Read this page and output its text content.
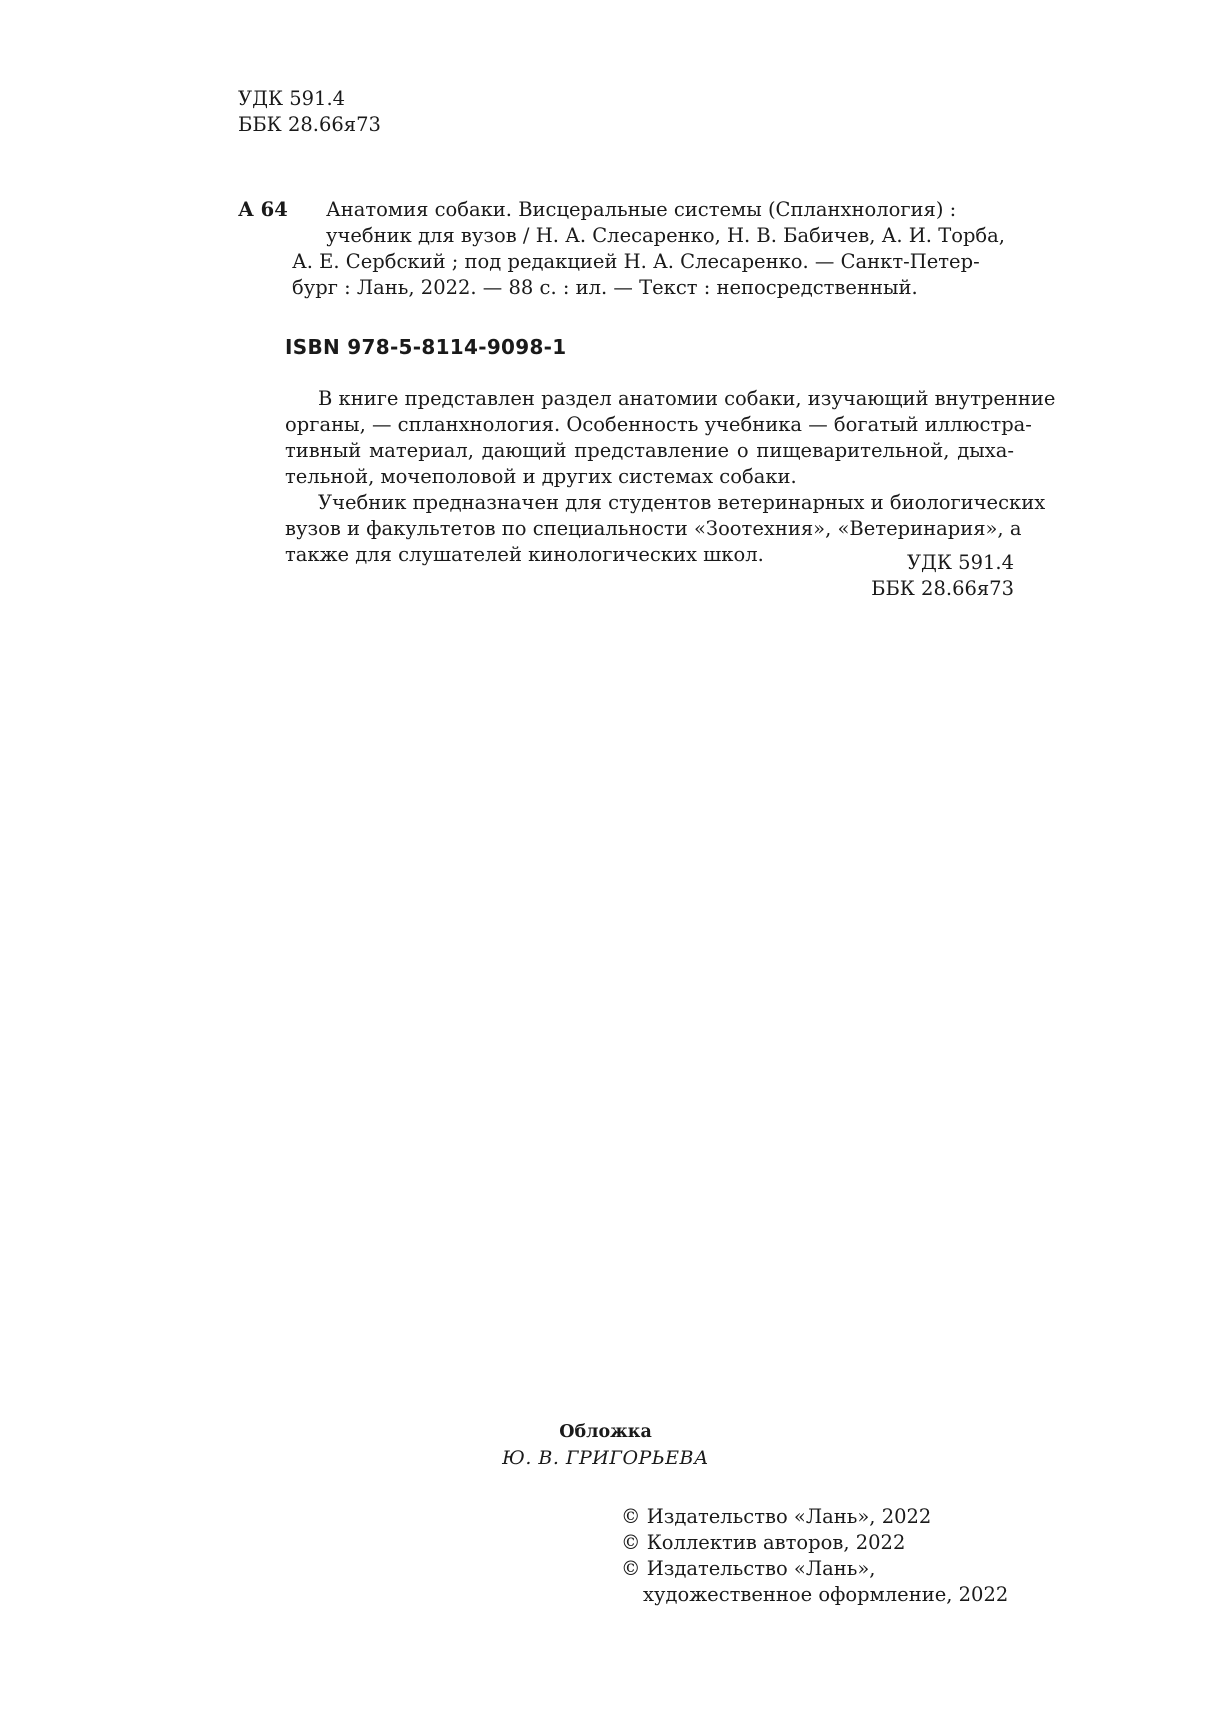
УДК 591.4
ББК 28.66я73
А 64 Анатомия собаки. Висцеральные системы (Спланхнология) :
учебник для вузов / Н. А. Слесаренко, Н. В. Бабичев, А. И. Торба,
А. Е. Сербский ; под редакцией Н. А. Слесаренко. — Санкт-Петер-
бург : Лань, 2022. — 88 с. : ил. — Текст : непосредственный.
ISBN 978-5-8114-9098-1
В книге представлен раздел анатомии собаки, изучающий внутренние
органы, — спланхнология. Особенность учебника — богатый иллюстра-
тивный материал, дающий представление о пищеварительной, дыха-
тельной, мочеполовой и других системах собаки.
Учебник предназначен для студентов ветеринарных и биологических
вузов и факультетов по специальности «Зоотехния», «Ветеринария», а
также для слушателей кинологических школ.	УДК 591.4
ББК 28.66я73
Обложка
Ю. В. ГРИГОРЬЕВА
© Издательство «Лань», 2022
© Коллектив авторов, 2022
© Издательство «Лань»,
художественное оформление, 2022
